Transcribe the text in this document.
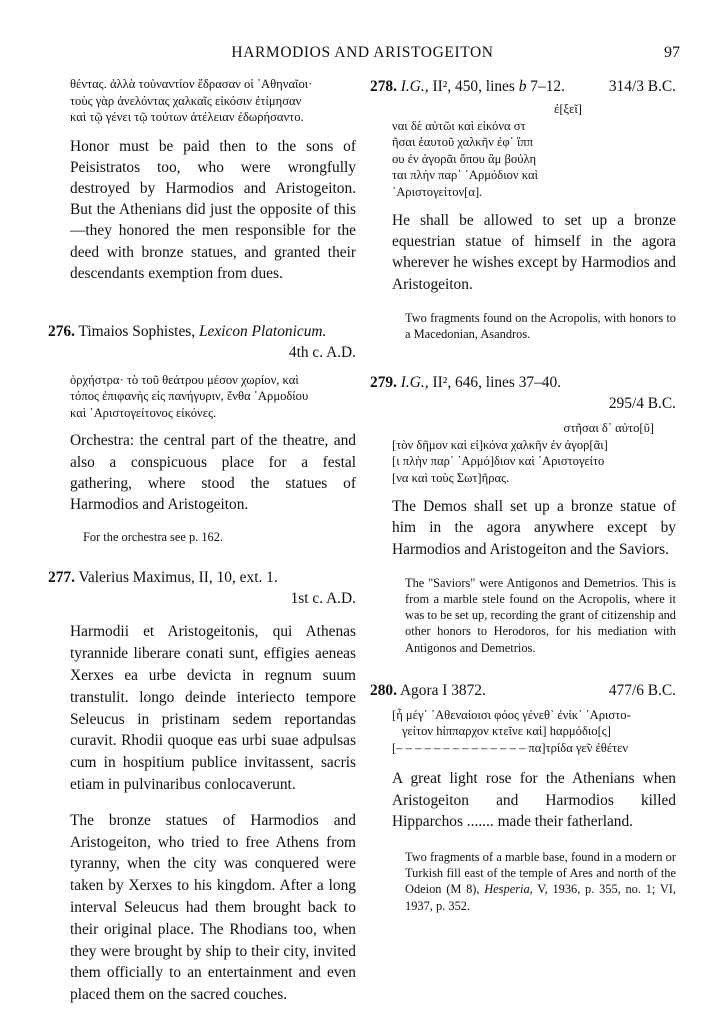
HARMODIOS AND ARISTOGEITON	97
θέντας. ἀλλὰ τοὐναντίον ἔδρασαν οἱ ᾽Αθηναῖοι·
τοὺς γὰρ ἀνελόντας χαλκαῖς εἰκόσιν ἐτίμησαν
καὶ τῷ γένει τῷ τούτων ἀτέλειαν ἐδωρήσαντο.

Honor must be paid then to the sons of Peisistratos too, who were wrongfully destroyed by Harmodios and Aristogeiton. But the Athenians did just the opposite of this—they honored the men responsible for the deed with bronze statues, and granted their descendants exemption from dues.

276. Timaios Sophistes, Lexicon Platonicum.
4th c. A.D.
ὀρχήστρα· τὸ τοῦ θεάτρου μέσον χωρίον, καὶ
τόπος ἐπιφανὴς εἰς πανήγυριν, ἔνθα ῾Αρμοδίου
καὶ ᾽Αριστογείτονος εἰκόνες.

Orchestra: the central part of the theatre, and also a conspicuous place for a festal gathering, where stood the statues of Harmodios and Aristogeiton.

For the orchestra see p. 162.

277. Valerius Maximus, II, 10, ext. 1.
1st c. A.D.

Harmodii et Aristogeitonis, qui Athenas tyrannide liberare conati sunt, effigies aeneas Xerxes ea urbe devicta in regnum suum transtulit. longo deinde interiecto tempore Seleucus in pristinam sedem reportandas curavit. Rhodii quoque eas urbi suae adpulsas cum in hospitium publice invitassent, sacris etiam in pulvinaribus conlocaverunt.

The bronze statues of Harmodios and Aristogeiton, who tried to free Athens from tyranny, when the city was conquered were taken by Xerxes to his kingdom. After a long interval Seleucus had them brought back to their original place. The Rhodians too, when they were brought by ship to their city, invited them officially to an entertainment and even placed them on the sacred couches.

278. I.G., II², 450, lines b 7–12.	314/3 B.C.
ἐ[ξεῖ]
ναι δὲ αὐτῶι καὶ εἰκόνα στ
ῆσαι ἑαυτοῦ χαλκῆν ἐφ᾽ ἵππ
ου ἐν ἀγορᾶι ὅπου ἂμ βούλη
ται πλὴν παρ᾽ ῾Αρμόδιον καὶ
᾽Αριστογείτον[α].

He shall be allowed to set up a bronze equestrian statue of himself in the agora wherever he wishes except by Harmodios and Aristogeiton.

Two fragments found on the Acropolis, with honors to a Macedonian, Asandros.

279. I.G., II², 646, lines 37–40.
295/4 B.C.
στῆσαι δ᾽ αὐτο[ῦ]
[τὸν δῆμον καὶ εἰ]κόνα χαλκῆν ἐν ἀγορ[ᾶι]
[ι πλὴν παρ᾽ ῾Αρμό]διον καὶ ᾽Αριστογείτο
[να καὶ τοὺς Σωτ]ῆρας.

The Demos shall set up a bronze statue of him in the agora anywhere except by Harmodios and Aristogeiton and the Saviors.

The "Saviors" were Antigonos and Demetrios. This is from a marble stele found on the Acropolis, where it was to be set up, recording the grant of citizenship and other honors to Herodoros, for his mediation with Antigonos and Demetrios.

280. Agora I 3872.	477/6 B.C.
[ἦ μέγ᾽ ᾽Αθεναίοισι φόος γένεθ᾽ ἐνίκ᾽ ᾽Αριστο-
γείτον hίππαρχον κτεῖνε καὶ] hαρμόδιο[ς]
[– – – – – – – – – – – – – – πα]τρίδα γε̃ν ἐθέτεν

A great light rose for the Athenians when Aristogeiton and Harmodios killed Hipparchos ....... made their fatherland.

Two fragments of a marble base, found in a modern or Turkish fill east of the temple of Ares and north of the Odeion (M 8), Hesperia, V, 1936, p. 355, no. 1; VI, 1937, p. 352.
